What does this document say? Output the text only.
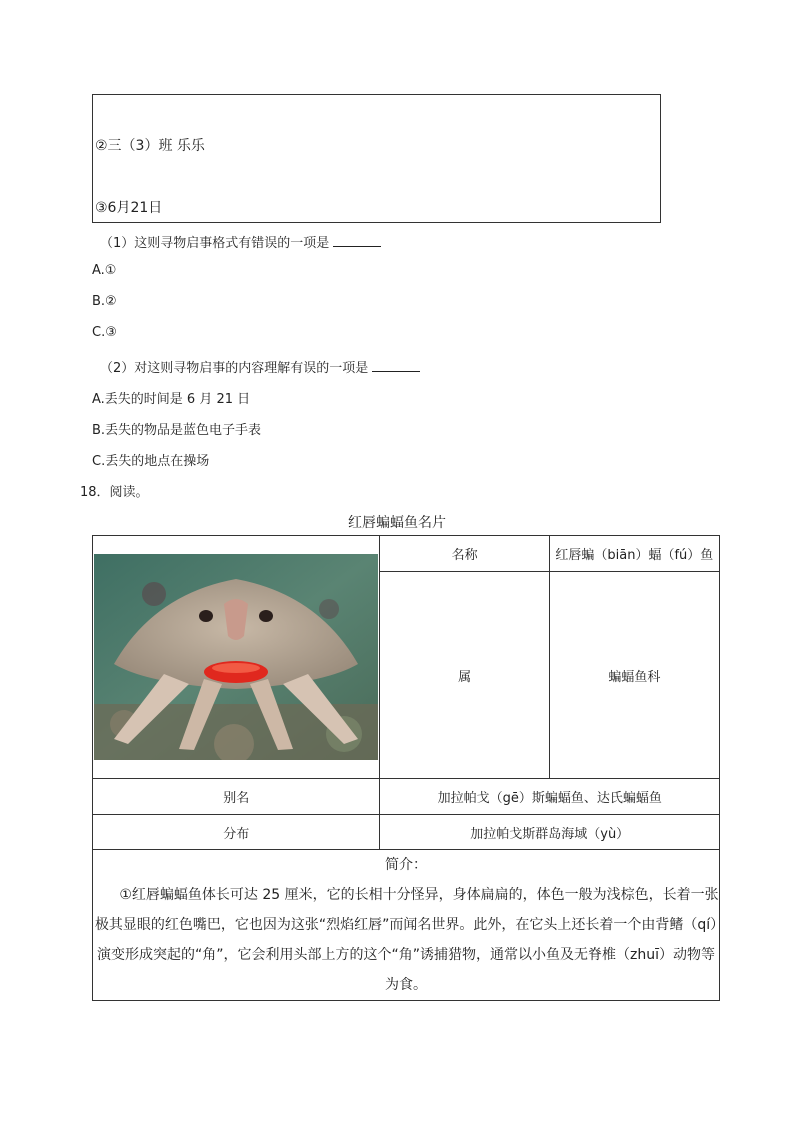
②三（3）班 乐乐
③6月21日
（1）这则寻物启事格式有错误的一项是
A.①
B.②
C.③
（2）对这则寻物启事的内容理解有误的一项是
A.丢失的时间是 6 月 21 日
B.丢失的物品是蓝色电子手表
C.丢失的地点在操场
18．阅读。
红唇蝙蝠鱼名片
	名称	红唇蝙（biān）蝠（fú）鱼
	属	蝙蝠鱼科
别名	加拉帕戈（gē）斯蝙蝠鱼、达氏蝙蝠鱼	
分布	加拉帕戈斯群岛海域（yù）	

简介：
①红唇蝙蝠鱼体长可达 25 厘米，它的长相十分怪异，身体扁扁的，体色一般为浅棕色，长着一张极其显眼的红色嘴巴，它也因为这张“烈焰红唇”而闻名世界。此外，在它头上还长着一个由背鳍（qí）演变形成突起的“角”，它会利用头部上方的这个“角”诱捕猎物，通常以小鱼及无脊椎（zhuī）动物等为食。		
